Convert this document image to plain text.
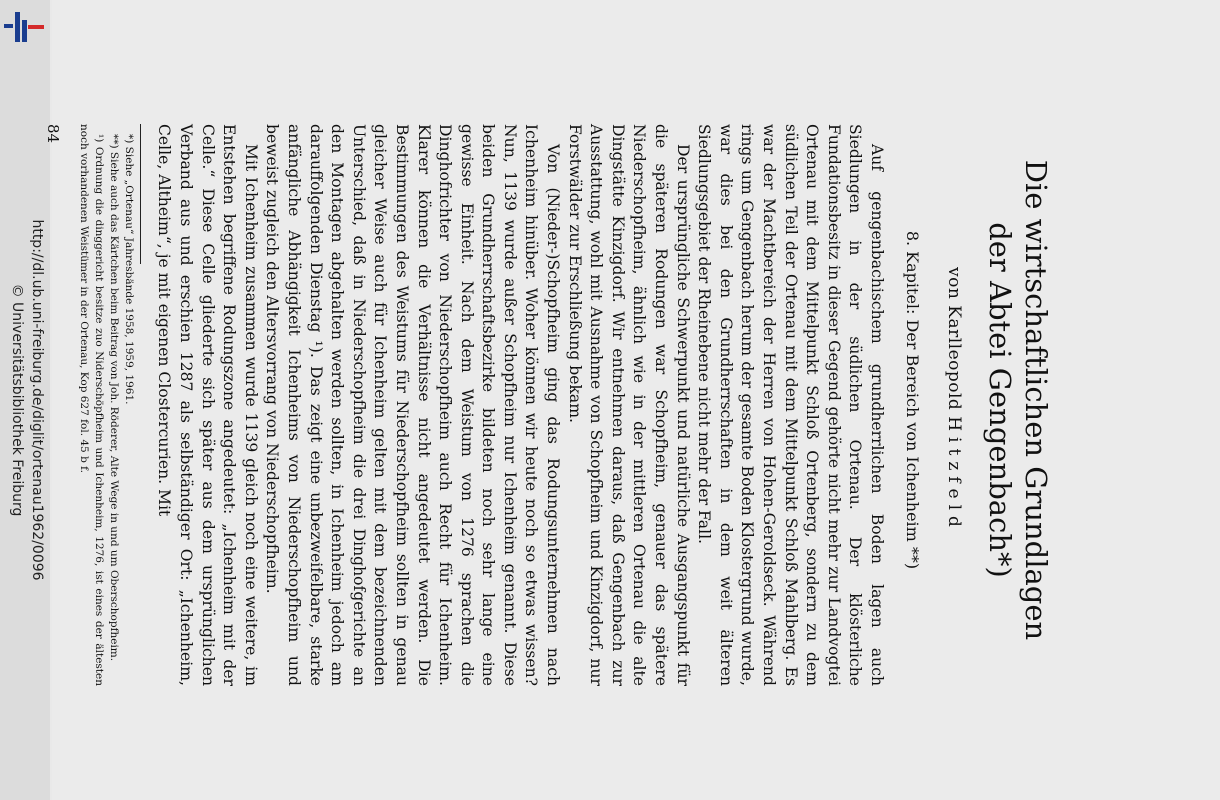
http://dl.ub.uni-freiburg.de/diglit/ortenau1962/0096
© Universitätsbibliothek Freiburg	Die wirtschaftlichen Grundlagen
der Abtei Gengenbach*)
von Karlleopold Hitzfeld
8. Kapitel: Der Bereich von Ichenheim **)

Auf gengenbachischem grundherrlichen Boden lagen auch Siedlungen in der südlichen Ortenau. Der klösterliche Fundationsbesitz in dieser Gegend gehörte nicht mehr zur Landvogtei Ortenau mit dem Mittelpunkt Schloß Ortenberg, sondern zu dem südlichen Teil der Ortenau mit dem Mittelpunkt Schloß Mahlberg. Es war der Machtbereich der Herren von Hohen-Geroldseck. Während rings um Gengenbach herum der gesamte Boden Klostergrund wurde, war dies bei den Grundherrschaften in dem weit älteren Siedlungsgebiet der Rheinebene nicht mehr der Fall.

Der ursprüngliche Schwerpunkt und natürliche Ausgangspunkt für die späteren Rodungen war Schopfheim, genauer das spätere Niederschopfheim, ähnlich wie in der mittleren Ortenau die alte Dingstätte Kinzigdorf. Wir entnehmen daraus, daß Gengenbach zur Ausstattung, wohl mit Ausnahme von Schopfheim und Kinzigdorf, nur Forstwälder zur Erschließung bekam.

Von (Nieder-)Schopfheim ging das Rodungsunternehmen nach Ichenheim hinüber. Woher können wir heute noch so etwas wissen? Nun, 1139 wurde außer Schopfheim nur Ichenheim genannt. Diese beiden Grundherrschaftsbezirke bildeten noch sehr lange eine gewisse Einheit. Nach dem Weistum von 1276 sprachen die Dinghofrichter von Niederschopfheim auch Recht für Ichenheim. Klarer können die Verhältnisse nicht angedeutet werden. Die Bestimmungen des Weistums für Niederschopfheim sollten in genau gleicher Weise auch für Ichenheim gelten mit dem bezeichnenden Unterschied, daß in Niederschopfheim die drei Dinghofgerichte an den Montagen abgehalten werden sollten, in Ichenheim jedoch am darauffolgenden Dienstag ¹). Das zeigt eine unbezweifelbare, starke anfängliche Abhängigkeit Ichenheims von Niederschopfheim und beweist zugleich den Altersvorrang von Niederschopfheim.

Mit Ichenheim zusammen wurde 1139 gleich noch eine weitere, im Entstehen begriffene Rodungszone angedeutet: „Ichenheim mit der Celle.“ Diese Celle gliederte sich später aus dem ursprünglichen Verband aus und erschien 1287 als selbständiger Ort: „Ichenheim, Celle, Altheim“, je mit eigenen Clostercurien. Mit

*) Siehe „Ortenau“ Jahresbände 1958, 1959, 1961.

**) Siehe auch das Kärtchen beim Beitrag von Joh. Röderer, Alte Wege in und um Oberschopfheim.

¹) Ordnung die dinggericht besitze zuo Niderschöpfheim und Ichenheim, 1276, ist eines der ältesten noch vorhandenen Weistümer in der Ortenau, Kop 627 fol. 45 b f.

84
